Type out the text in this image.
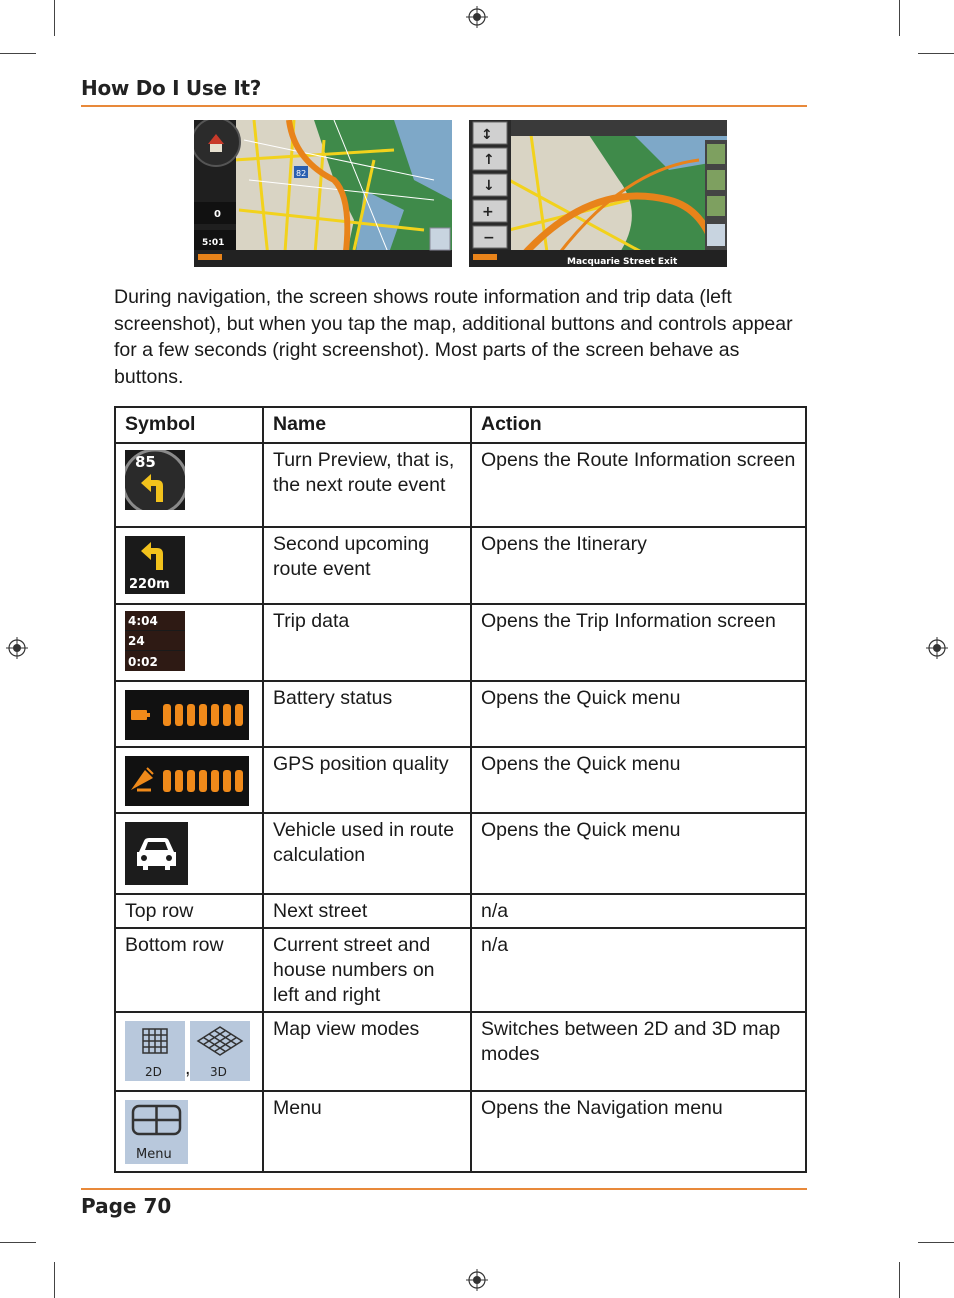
How Do I Use It?
0
5:01
82
↕
↑
↓
+
−
Macquarie Street Exit

During navigation, the screen shows route information and trip data (left screenshot), but when you tap the map, additional buttons and controls appear for a few seconds (right screenshot). Most parts of the screen behave as buttons.

Symbol	Name	Action

85	Turn Preview, that is, the next route event	Opens the Route Information screen

220m	Second upcoming route event	Opens the Itinerary

4:04
24
0:02	Trip data	Opens the Trip Information screen

	Battery status	Opens the Quick menu

	GPS position quality	Opens the Quick menu

	Vehicle used in route calculation	Opens the Quick menu
Top row	Next street	n/a
Bottom row	Current street and house numbers on left and right	n/a

2D , 3D	Map view modes	Switches between 2D and 3D map modes

Menu	Menu	Opens the Navigation menu
Page 70
